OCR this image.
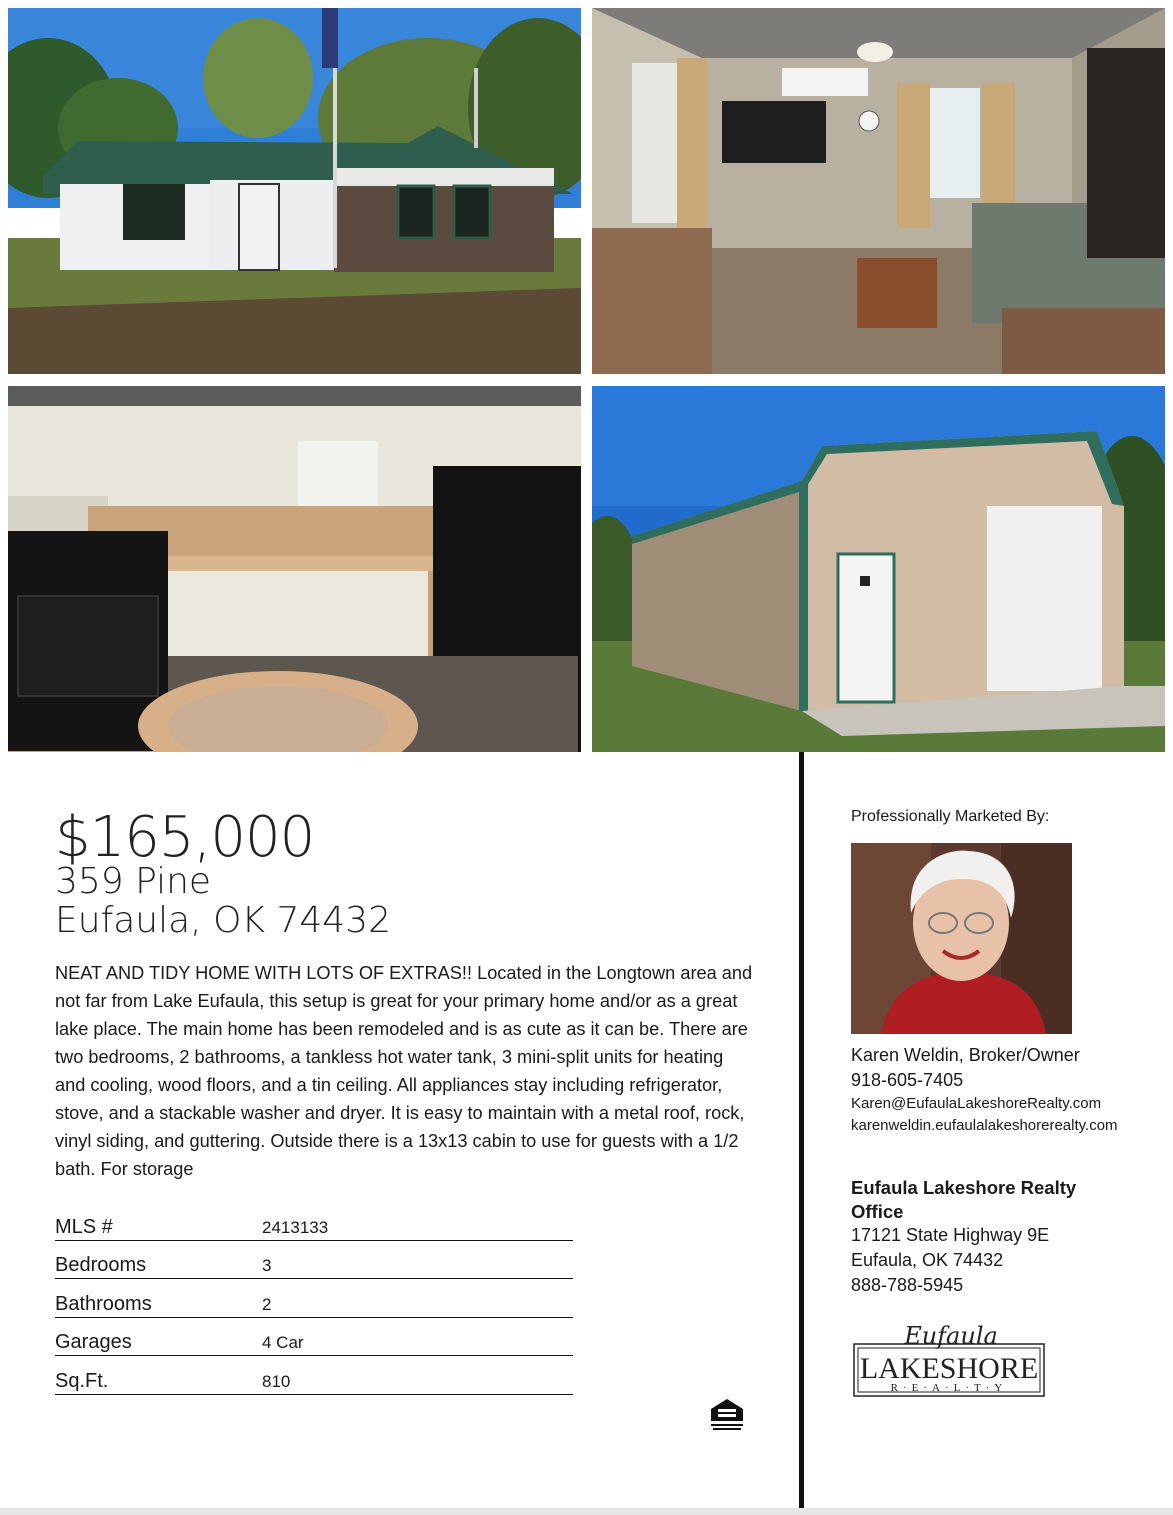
$165,000
359 Pine
Eufaula, OK 74432

NEAT AND TIDY HOME WITH LOTS OF EXTRAS!! Located in the Longtown area and not far from Lake Eufaula, this setup is great for your primary home and/or as a great lake place. The main home has been remodeled and is as cute as it can be. There are two bedrooms, 2 bathrooms, a tankless hot water tank, 3 mini-split units for heating and cooling, wood floors, and a tin ceiling. All appliances stay including refrigerator, stove, and a stackable washer and dryer. It is easy to maintain with a metal roof, rock, vinyl siding, and guttering. Outside there is a 13x13 cabin to use for guests with a 1/2 bath. For storage

MLS #	2413133
Bedrooms	3
Bathrooms	2
Garages	4 Car
Sq.Ft.	810
Professionally Marketed By:
Karen Weldin, Broker/Owner
918-605-7405
Karen@EufaulaLakeshoreRealty.com
karenweldin.eufaulalakeshorerealty.com
Eufaula Lakeshore Realty Office
17121 State Highway 9E
Eufaula, OK 74432
888-788-5945
Eufaula
LAKESHORE
R·E·A·L·T·Y
